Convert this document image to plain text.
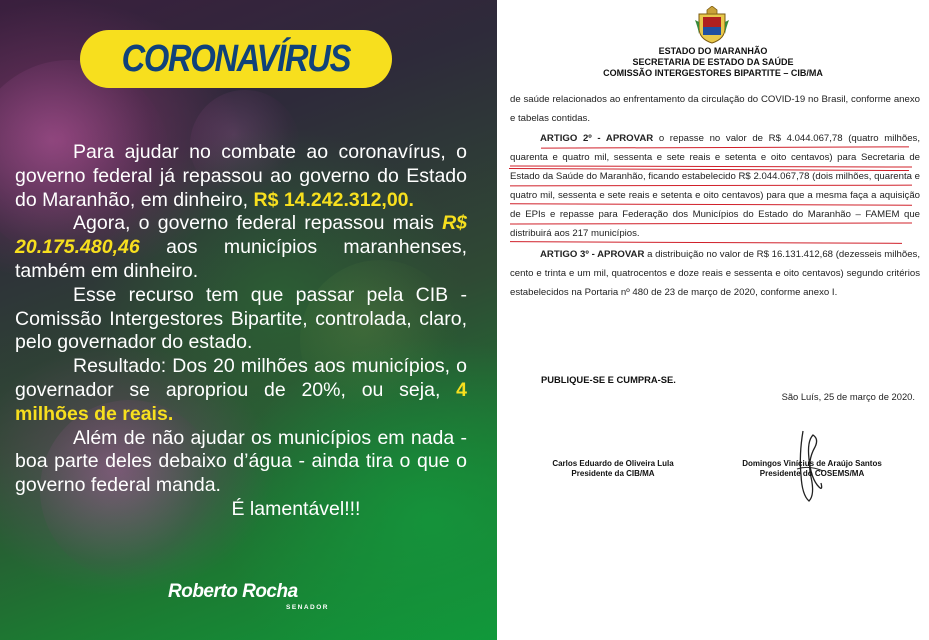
CORONAVÍRUS

Para ajudar no combate ao coronavírus, o governo federal já repassou ao governo do Estado do Maranhão, em dinheiro, R$ 14.242.312,00.

Agora, o governo federal repassou mais R$ 20.175.480,46 aos municípios maranhenses, também em dinheiro.

Esse recurso tem que passar pela CIB - Comissão Intergestores Bipartite, controlada, claro, pelo governador do estado.

Resultado: Dos 20 milhões aos municípios, o governador se apropriou de 20%, ou seja, 4 milhões de reais.

Além de não ajudar os municípios em nada - boa parte deles debaixo d’água - ainda tira o que o governo federal manda.

É lamentável!!!

Roberto Rocha
SENADOR
ESTADO DO MARANHÃO
SECRETARIA DE ESTADO DA SAÚDE
COMISSÃO INTERGESTORES BIPARTITE – CIB/MA
de saúde relacionados ao enfrentamento da circulação do COVID-19 no Brasil, conforme anexo e tabelas contidas.
ARTIGO 2º - APROVAR o repasse no valor de R$ 4.044.067,78 (quatro milhões, quarenta e quatro mil, sessenta e sete reais e setenta e oito centavos) para Secretaria de Estado da Saúde do Maranhão, ficando estabelecido R$ 2.044.067,78 (dois milhões, quarenta e quatro mil, sessenta e sete reais e setenta e oito centavos) para que a mesma faça a aquisição de EPIs e repasse para Federação dos Municípios do Estado do Maranhão – FAMEM que distribuirá aos 217 municípios.
ARTIGO 3º - APROVAR a distribuição no valor de R$ 16.131.412,68 (dezesseis milhões, cento e trinta e um mil, quatrocentos e doze reais e sessenta e oito centavos) segundo critérios estabelecidos na Portaria nº 480 de 23 de março de 2020, conforme anexo I.
PUBLIQUE-SE E CUMPRA-SE.
São Luís, 25 de março de 2020.
Carlos Eduardo de Oliveira Lula
Presidente da CIB/MA
Domingos Vinícius de Araújo Santos
Presidente do COSEMS/MA
